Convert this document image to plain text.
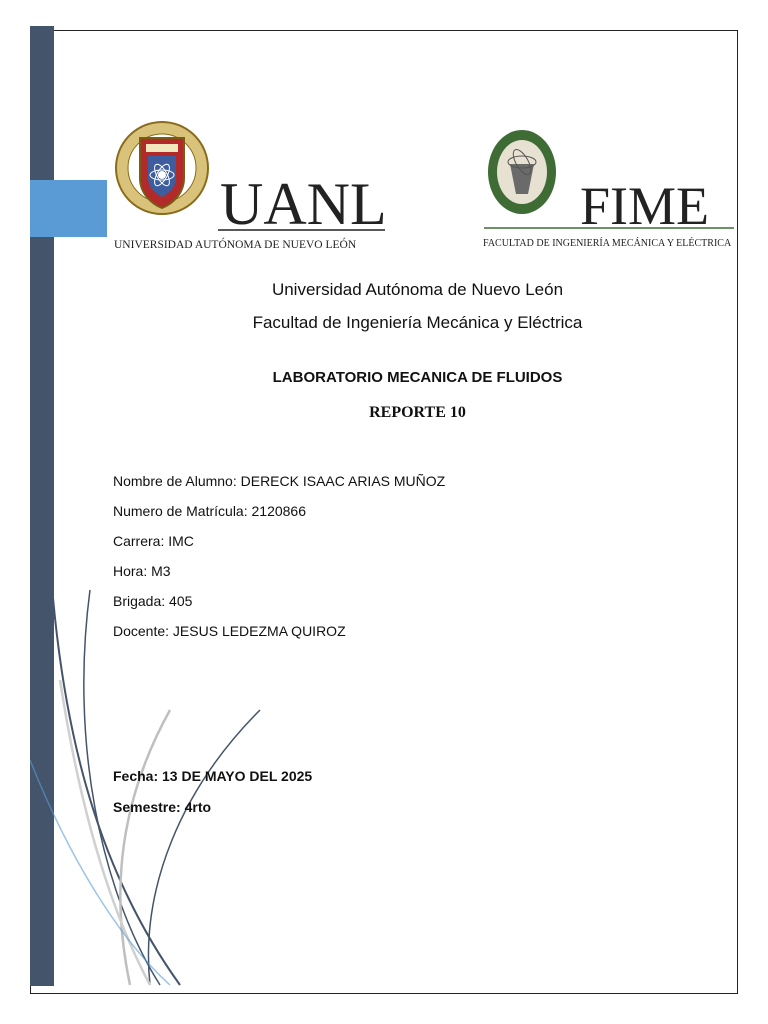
UANL
UNIVERSIDAD AUTÓNOMA DE NUEVO LEÓN
FIME
FACULTAD DE INGENIERÍA MECÁNICA Y ELÉCTRICA
Universidad Autónoma de Nuevo León
Facultad de Ingeniería Mecánica y Eléctrica
LABORATORIO MECANICA DE FLUIDOS
REPORTE 10
Nombre de Alumno: DERECK ISAAC ARIAS MUÑOZ
Numero de Matrícula: 2120866
Carrera: IMC
Hora: M3
Brigada: 405
Docente: JESUS LEDEZMA QUIROZ
Fecha: 13 DE MAYO DEL 2025
Semestre: 4rto
